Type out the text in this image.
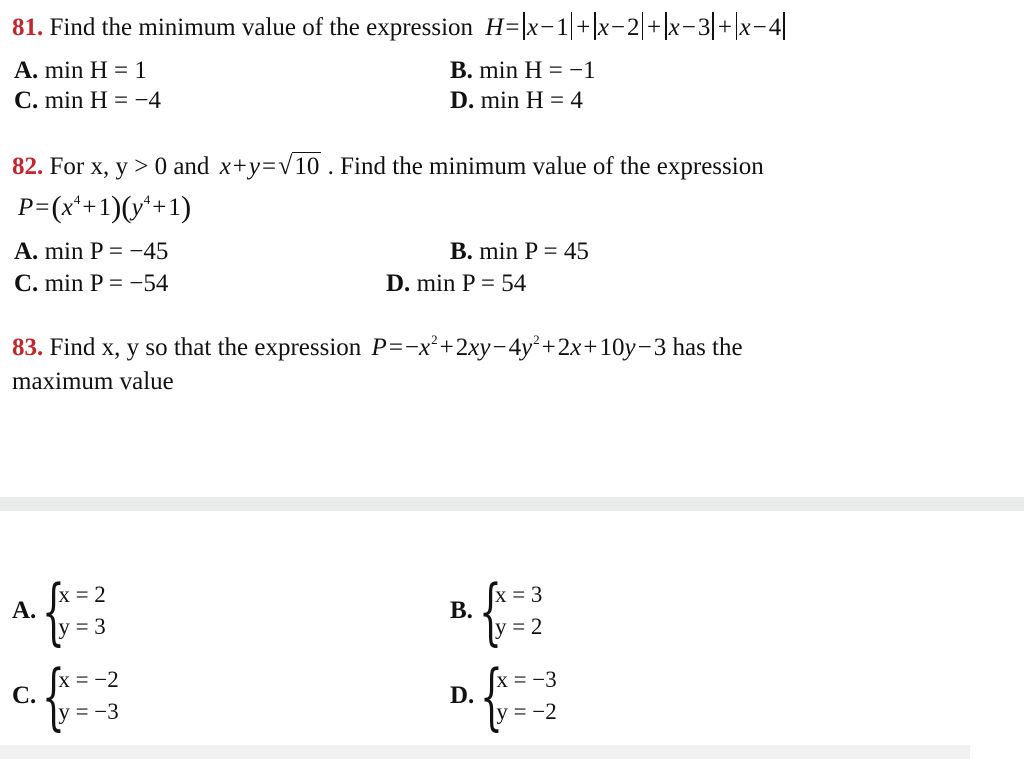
81. Find the minimum value of the expression H= x−1 + x−2 + x−3 + x−4
A. min H = 1	B. min H = −1
C. min H = −4	D. min H = 4
82. For x, y > 0 and x+y=√10 . Find the minimum value of the expression
$P=(x^4+1)(y^4+1)$
A. min P = −45	B. min P = 45
C. min P = −54	D. min P = 54
83. Find x, y so that the expression $P=-x^2+2xy-4y^2+2x+10y-3$ has the
maximum value
A. {
x = 2
y = 3
B. {
x = 3
y = 2
C. {
x = −2
y = −3
D. {
x = −3
y = −2
